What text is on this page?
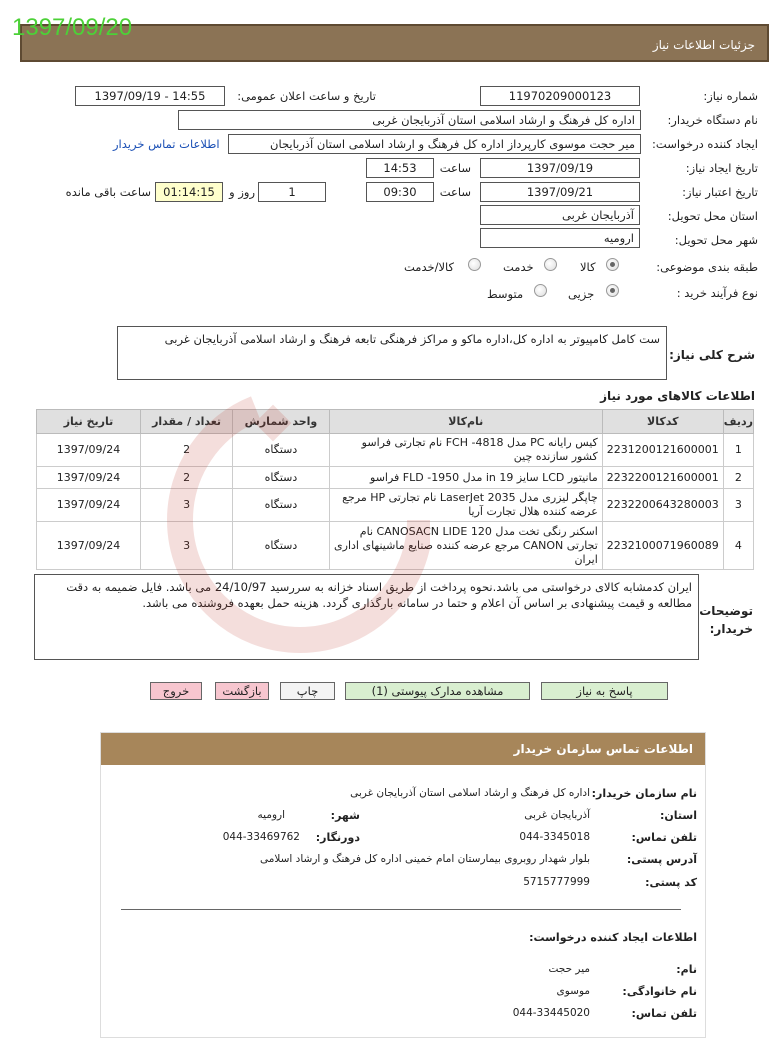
1397/09/20
جزئیات اطلاعات نیاز
شماره نیاز:
11970209000123
تاریخ و ساعت اعلان عمومی:
1397/09/19 - 14:55
نام دستگاه خریدار:
اداره کل فرهنگ و ارشاد اسلامی استان آذربایجان غربی
ایجاد کننده درخواست:
میر حجت موسوی کارپرداز اداره کل فرهنگ و ارشاد اسلامی استان آذربایجان
اطلاعات تماس خریدار
تاریخ ایجاد نیاز:
1397/09/19
ساعت
14:53
تاریخ اعتبار نیاز:
1397/09/21
ساعت
09:30
1
روز و
01:14:15
ساعت باقی مانده
استان محل تحویل:
آذربایجان غربی
شهر محل تحویل:
ارومیه
طبقه بندی موضوعی:
کالا
خدمت
کالا/خدمت
نوع فرآیند خرید :
جزیی
متوسط
شرح کلی نیاز:
ست کامل کامپیوتر به اداره کل،اداره ماکو و مراکز فرهنگی تابعه فرهنگ و ارشاد اسلامی آذربایجان غربی
اطلاعات کالاهای مورد نیاز
ردیف	کدکالا	نام‌کالا	واحد شمارش	تعداد / مقدار	تاریخ نیاز
1	2231200121600001	کیس رایانه PC مدل FCH -4818 نام تجارتی فراسو کشور سازنده چین	دستگاه	2	1397/09/24
2	2232200121600001	مانیتور LCD سایز 19 in مدل FLD -1950 فراسو	دستگاه	2	1397/09/24
3	2232200643280003	چاپگر لیزری مدل LaserJet 2035 نام تجارتی HP مرجع عرضه کننده هلال تجارت آریا	دستگاه	3	1397/09/24
4	2232100071960089	اسکنر رنگی تخت مدل CANOSACN LIDE 120 نام تجارتی CANON مرجع عرضه کننده صنایع ماشینهای اداری ایران	دستگاه	3	1397/09/24
توضیحات خریدار:
ایران کدمشابه کالای درخواستی می باشد.نحوه پرداخت از طریق اسناد خزانه به سررسید 24/10/97 می باشد. فایل ضمیمه به دقت مطالعه و قیمت پیشنهادی بر اساس آن اعلام و حتما در سامانه بارگذاری گردد. هزینه حمل بعهده فروشنده می باشد.
پاسخ به نیاز
مشاهده مدارک پیوستی (1)
چاپ
بازگشت
خروج
اطلاعات تماس سازمان خریدار
نام سازمان خریدار:
اداره کل فرهنگ و ارشاد اسلامی استان آذربایجان غربی
استان:
آذربایجان غربی
شهر:
ارومیه
تلفن تماس:
044-3345018
دورنگار:
044-33469762
آدرس پستی:
بلوار شهدار روبروی بیمارستان امام خمینی اداره کل فرهنگ و ارشاد اسلامی
کد پستی:
5715777999
اطلاعات ایجاد کننده درخواست:
نام:
میر حجت
نام خانوادگی:
موسوی
تلفن تماس:
044-33445020
